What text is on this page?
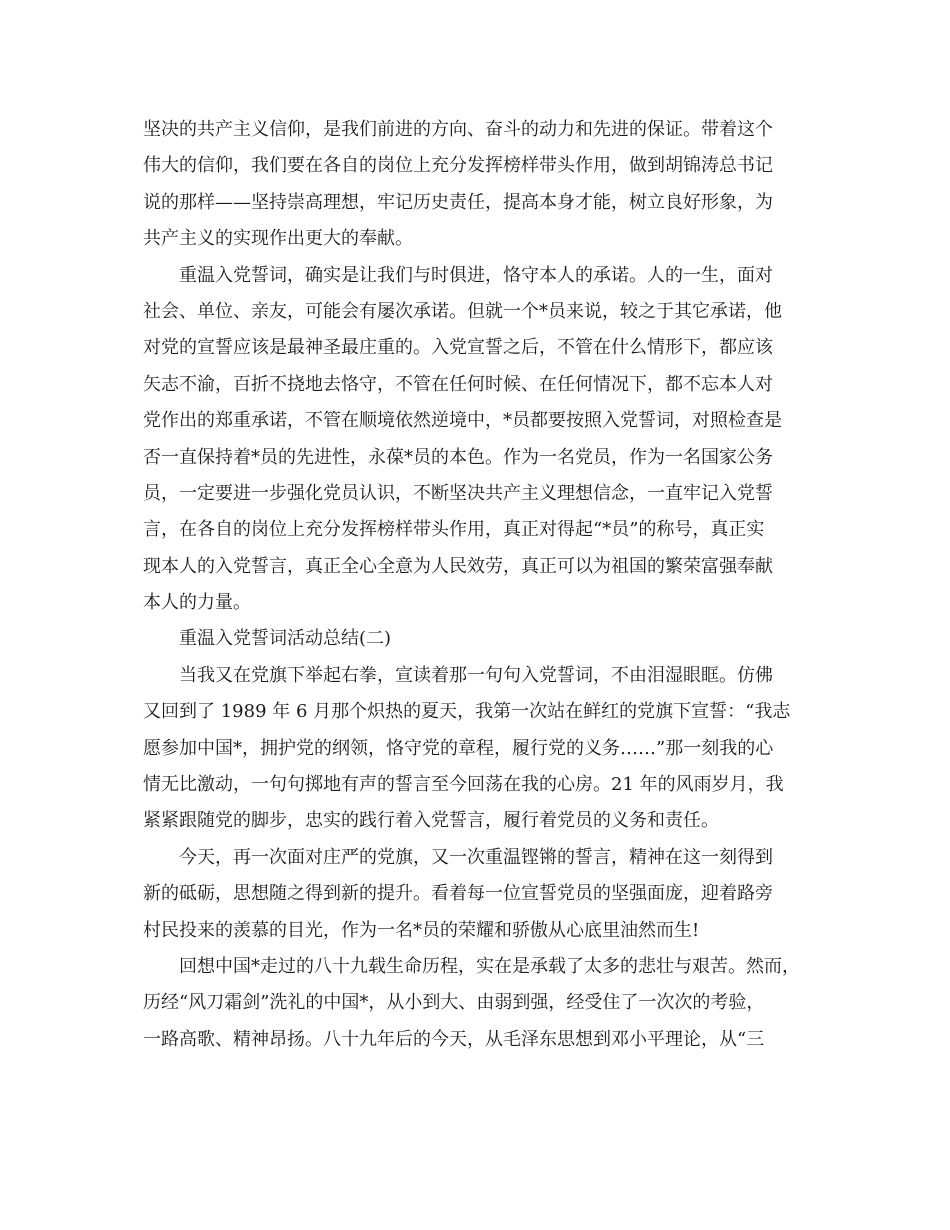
坚决的共产主义信仰，是我们前进的方向、奋斗的动力和先进的保证。带着这个
伟大的信仰，我们要在各自的岗位上充分发挥榜样带头作用，做到胡锦涛总书记
说的那样——坚持崇高理想，牢记历史责任，提高本身才能，树立良好形象，为
共产主义的实现作出更大的奉献。
重温入党誓词，确实是让我们与时俱进，恪守本人的承诺。人的一生，面对
社会、单位、亲友，可能会有屡次承诺。但就一个*员来说，较之于其它承诺，他
对党的宣誓应该是最神圣最庄重的。入党宣誓之后，不管在什么情形下，都应该
矢志不渝，百折不挠地去恪守，不管在任何时候、在任何情况下，都不忘本人对
党作出的郑重承诺，不管在顺境依然逆境中，*员都要按照入党誓词，对照检查是
否一直保持着*员的先进性，永葆*员的本色。作为一名党员，作为一名国家公务
员，一定要进一步强化党员认识，不断坚决共产主义理想信念，一直牢记入党誓
言，在各自的岗位上充分发挥榜样带头作用，真正对得起“*员”的称号，真正实
现本人的入党誓言，真正全心全意为人民效劳，真正可以为祖国的繁荣富强奉献
本人的力量。
重温入党誓词活动总结(二)
当我又在党旗下举起右拳，宣读着那一句句入党誓词，不由泪湿眼眶。仿佛
又回到了 1989 年 6 月那个炽热的夏天，我第一次站在鲜红的党旗下宣誓：“我志
愿参加中国*，拥护党的纲领，恪守党的章程，履行党的义务……”那一刻我的心
情无比激动，一句句掷地有声的誓言至今回荡在我的心房。21 年的风雨岁月，我
紧紧跟随党的脚步，忠实的践行着入党誓言，履行着党员的义务和责任。
今天，再一次面对庄严的党旗，又一次重温铿锵的誓言，精神在这一刻得到
新的砥砺，思想随之得到新的提升。看着每一位宣誓党员的坚强面庞，迎着路旁
村民投来的羡慕的目光，作为一名*员的荣耀和骄傲从心底里油然而生!
回想中国*走过的八十九载生命历程，实在是承载了太多的悲壮与艰苦。然而，
历经“风刀霜剑”洗礼的中国*，从小到大、由弱到强，经受住了一次次的考验，
一路高歌、精神昂扬。八十九年后的今天，从毛泽东思想到邓小平理论，从“三
